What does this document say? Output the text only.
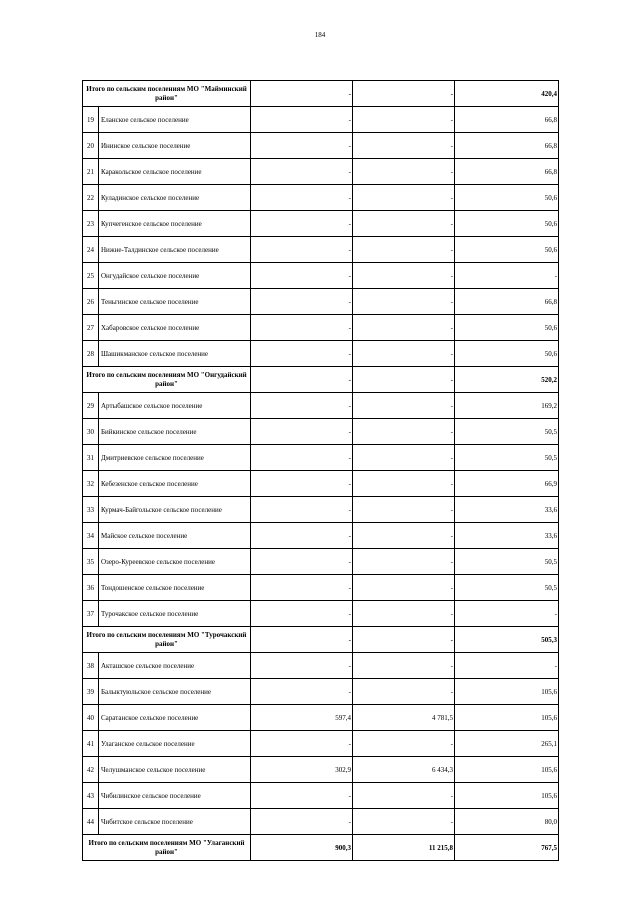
184
Итого по сельским поселениям МО "Майминский район"		-	-	420,4
19	Еланское сельское поселение	-	-	66,8
20	Ининское сельское поселение	-	-	66,8
21	Каракольское сельское поселение	-	-	66,8
22	Куладинское сельское поселение	-	-	50,6
23	Купчегенское сельское поселение	-	-	50,6
24	Нижне-Талдинское сельское поселение	-	-	50,6
25	Онгудайское сельское поселение	-	-	-
26	Теньгинское сельское поселение	-	-	66,8
27	Хабаровское сельское поселение	-	-	50,6
28	Шашикманское сельское поселение	-	-	50,6
Итого по сельским поселениям МО "Онгудайский район"		-	-	520,2
29	Артыбашское сельское поселение	-	-	169,2
30	Бийкинское сельское поселение	-	-	50,5
31	Дмитриевское сельское поселение	-	-	50,5
32	Кебезенское сельское поселение	-	-	66,9
33	Курмач-Байгольское сельское поселение	-	-	33,6
34	Майское сельское поселение	-	-	33,6
35	Озеро-Куреевское сельское поселение	-	-	50,5
36	Тондошенское сельское поселение	-	-	50,5
37	Турочакское сельское поселение	-	-	-
Итого по сельским поселениям МО "Турочакский район"		-	-	505,3
38	Акташское сельское поселение	-	-	-
39	Балыктуюльское сельское поселение	-	-	105,6
40	Саратанское сельское поселение	597,4	4 781,5	105,6
41	Улаганское сельское поселение	-	-	265,1
42	Челушманское сельское поселение	302,9	6 434,3	105,6
43	Чибилинское сельское поселение	-	-	105,6
44	Чибитское сельское поселение	-	-	80,0
Итого по сельским поселениям МО "Улаганский район"		900,3	11 215,8	767,5
